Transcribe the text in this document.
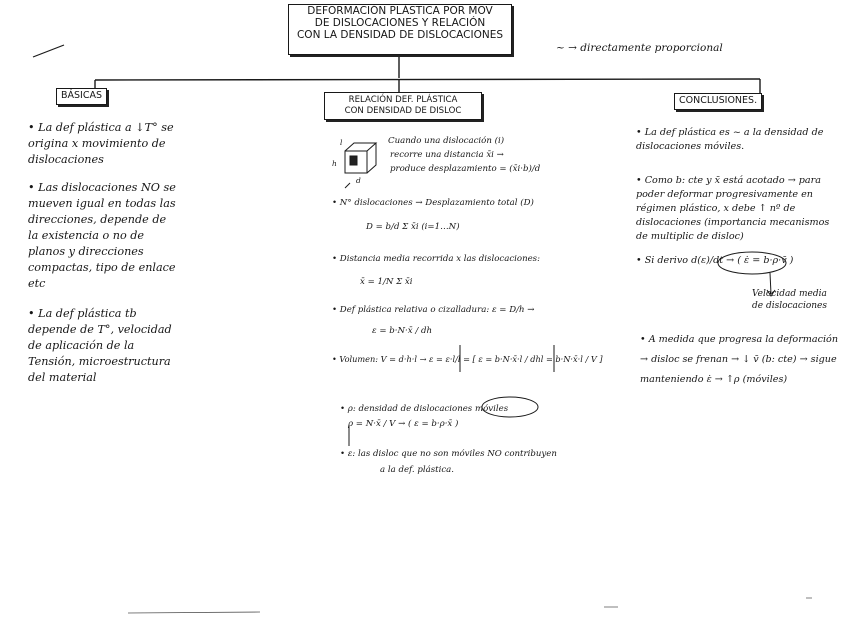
DEFORMACIÓN PLÁSTICA POR MOV
DE DISLOCACIONES Y RELACIÓN
CON LA DENSIDAD DE DISLOCACIONES
~ → directamente proporcional
BÁSICAS	RELACIÓN DEF. PLÁSTICA
CON DENSIDAD DE DISLOC
CONCLUSIONES.

• La def plástica a ↓T° se origina x movimiento de dislocaciones

• Las dislocaciones NO se mueven igual en todas las direcciones, depende de la existencia o no de planos y direcciones compactas, tipo de enlace etc

• La def plástica tb depende de T°, velocidad de aplicación de la Tensión, microestructura del material

Cuando una dislocación (i)
recorre una distancia x̄i →
produce desplazamiento = (x̄i·b)/d
l
h
d
• N° dislocaciones → Desplazamiento total (D)
D = b/d Σ x̄i (i=1…N)
• Distancia media recorrida x las dislocaciones:
x̄ = 1/N Σ x̄i
• Def plástica relativa o cizalladura: ε = D/h →
ε = b·N·x̄ / dh
• Volumen: V = d·h·l → ε = ε·l/l = [ ε = b·N·x̄·l / dhl = b·N·x̄·l / V ]
• ρ: densidad de dislocaciones móviles
ρ = N·x̄ / V → ( ε = b·ρ·x̄ )
• ε: las disloc que no son móviles NO contribuyen
a la def. plástica.

• La def plástica es ~ a la densidad de dislocaciones móviles.

• Como b: cte y x̄ está acotado → para poder deformar progresivamente en régimen plástico, x debe ↑ nº de dislocaciones (importancia mecanismos de multiplic de disloc)

• Si derivo d(ε)/dt → ( ε̇ = b·ρ·v̄ )

Velocidad media de dislocaciones
• A medida que progresa la deformación → disloc se frenan → ↓ v̄ (b: cte) → sigue manteniendo ε̇ → ↑ρ (móviles)
